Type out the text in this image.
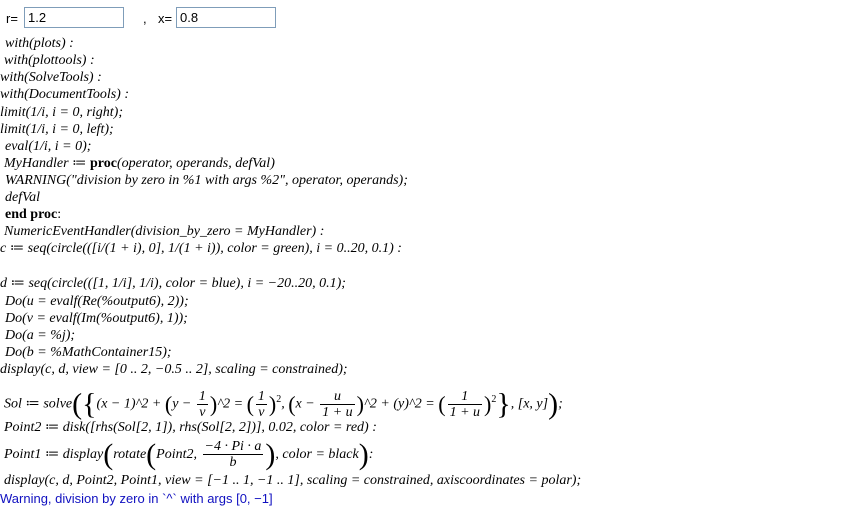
r=
1.2	, x=
0.8
with(plots) :
with(plottools) :
with(SolveTools) :
with(DocumentTools) :
limit(1/i, i = 0, right);
limit(1/i, i = 0, left);
eval(1/i, i = 0);
MyHandler ≔ proc(operator, operands, defVal)
WARNING("division by zero in %1 with args %2", operator, operands);
defVal
end proc:
NumericEventHandler(division_by_zero = MyHandler) :
c ≔ seq(circle(([i/(1 + i), 0], 1/(1 + i)), color = green), i = 0..20, 0.1) :
d ≔ seq(circle(([1, 1/i], 1/i), color = blue), i = −20..20, 0.1);
Do(u = evalf(Re(%output6), 2));
Do(v = evalf(Im(%output6), 1));
Do(a = %j);
Do(b = %MathContainer15);
display(c, d, view = [0 .. 2, −0.5 .. 2], scaling = constrained);
Sol ≔ solve({(x − 1)^2 + ($y - \frac{1}{v}$ )^2 = ( $\frac{1}{v} )^2$, ($x - \frac{u}{1 + u}$ )^2 + (y)^2 = ( $\frac{1}{1 + u} )^2$}, [x, y]);
Point2 ≔ disk([rhs(Sol[2, 1]), rhs(Sol[2, 2])], 0.02, color = red) :
Point1 ≔ display(rotate(Point2, $\frac{-4 \cdot Pi \cdot a}{b}$ ), color = black):
display(c, d, Point2, Point1, view = [−1 .. 1, −1 .. 1], scaling = constrained, axiscoordinates = polar);
Warning, division by zero in `^` with args [0, −1]
